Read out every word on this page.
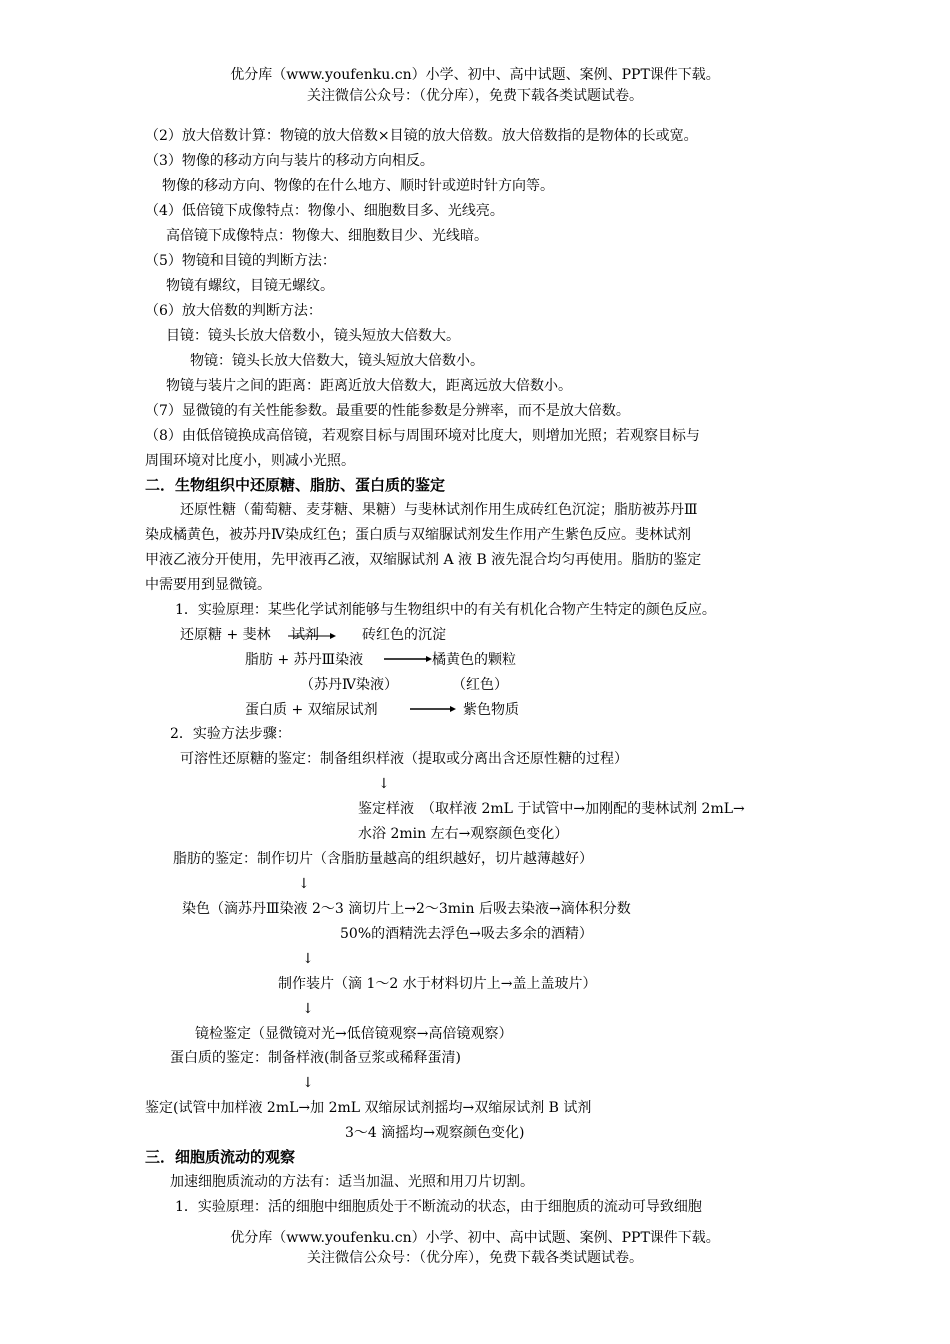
优分库（www.youfenku.cn）小学、初中、高中试题、案例、PPT课件下载。
关注微信公众号：（优分库），免费下载各类试题试卷。
（2）放大倍数计算：物镜的放大倍数×目镜的放大倍数。放大倍数指的是物体的长或宽。
（3）物像的移动方向与装片的移动方向相反。
物像的移动方向、物像的在什么地方、顺时针或逆时针方向等。
（4）低倍镜下成像特点：物像小、细胞数目多、光线亮。
高倍镜下成像特点：物像大、细胞数目少、光线暗。
（5）物镜和目镜的判断方法：
物镜有螺纹，目镜无螺纹。
（6）放大倍数的判断方法：
目镜：镜头长放大倍数小，镜头短放大倍数大。
物镜：镜头长放大倍数大，镜头短放大倍数小。
物镜与装片之间的距离：距离近放大倍数大，距离远放大倍数小。
（7）显微镜的有关性能参数。最重要的性能参数是分辨率，而不是放大倍数。
（8）由低倍镜换成高倍镜，若观察目标与周围环境对比度大，则增加光照；若观察目标与
周围环境对比度小，则减小光照。
二．生物组织中还原糖、脂肪、蛋白质的鉴定
还原性糖（葡萄糖、麦芽糖、果糖）与斐林试剂作用生成砖红色沉淀；脂肪被苏丹Ⅲ
染成橘黄色，被苏丹Ⅳ染成红色；蛋白质与双缩脲试剂发生作用产生紫色反应。斐林试剂
甲液乙液分开使用，先甲液再乙液，双缩脲试剂 A 液 B 液先混合均匀再使用。脂肪的鉴定
中需要用到显微镜。
1．实验原理：某些化学试剂能够与生物组织中的有关有机化合物产生特定的颜色反应。
还原糖 + 斐林 试剂	砖红色的沉淀
脂肪 + 苏丹Ⅲ染液 → 橘黄色的颗粒
（苏丹Ⅳ染液）	（红色）
蛋白质 + 双缩尿试剂 → 紫色物质
2．实验方法步骤：
可溶性还原糖的鉴定：制备组织样液（提取或分离出含还原性糖的过程）
↓
鉴定样液　（取样液 2mL 于试管中→加刚配的斐林试剂 2mL→
水浴 2min 左右→观察颜色变化）
脂肪的鉴定：制作切片（含脂肪量越高的组织越好，切片越薄越好）
↓
染色（滴苏丹Ⅲ染液 2～3 滴切片上→2～3min 后吸去染液→滴体积分数
50%的酒精洗去浮色→吸去多余的酒精）
↓
制作装片（滴 1～2 水于材料切片上→盖上盖玻片）
↓
镜检鉴定（显微镜对光→低倍镜观察→高倍镜观察）
蛋白质的鉴定：制备样液(制备豆浆或稀释蛋清)
↓
鉴定(试管中加样液 2mL→加 2mL 双缩尿试剂摇均→双缩尿试剂 B 试剂
3～4 滴摇均→观察颜色变化)
三．细胞质流动的观察
加速细胞质流动的方法有：适当加温、光照和用刀片切割。
1．实验原理：活的细胞中细胞质处于不断流动的状态，由于细胞质的流动可导致细胞
优分库（www.youfenku.cn）小学、初中、高中试题、案例、PPT课件下载。
关注微信公众号：（优分库），免费下载各类试题试卷。
